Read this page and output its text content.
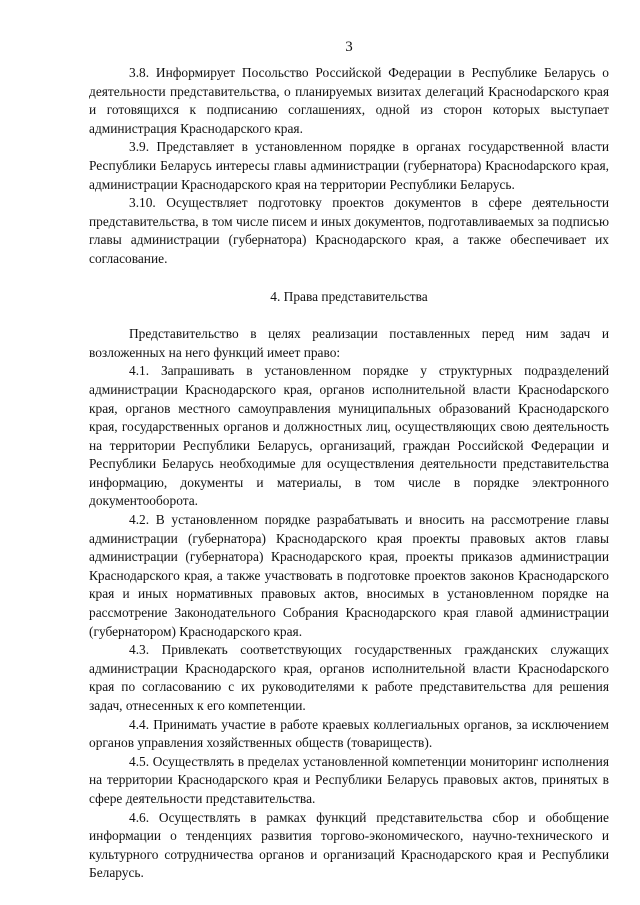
3

3.8. Информирует Посольство Российской Федерации в Республике Беларусь о деятельности представительства, о планируемых визитах делегаций Красноdарского края и готовящихся к подписанию соглашениях, одной из сторон которых выступает администрация Краснодарского края.

3.9. Представляет в установленном порядке в органах государственной власти Республики Беларусь интересы главы администрации (губернатора) Красноdарского края, администрации Краснодарского края на территории Республики Беларусь.

3.10. Осуществляет подготовку проектов документов в сфере деятельности представительства, в том числе писем и иных документов, подготавливаемых за подписью главы администрации (губернатора) Краснодарского края, а также обеспечивает их согласование.

4. Права представительства

Представительство в целях реализации поставленных перед ним задач и возложенных на него функций имеет право:

4.1. Запрашивать в установленном порядке у структурных подразделений администрации Краснодарского края, органов исполнительной власти Красноdарского края, органов местного самоуправления муниципальных образований Краснодарского края, государственных органов и должностных лиц, осуществляющих свою деятельность на территории Республики Беларусь, организаций, граждан Российской Федерации и Республики Беларусь необходимые для осуществления деятельности представительства информацию, документы и материалы, в том числе в порядке электронного документооборота.

4.2. В установленном порядке разрабатывать и вносить на рассмотрение главы администрации (губернатора) Краснодарского края проекты правовых актов главы администрации (губернатора) Краснодарского края, проекты приказов администрации Краснодарского края, а также участвовать в подготовке проектов законов Краснодарского края и иных нормативных правовых актов, вносимых в установленном порядке на рассмотрение Законодательного Собрания Краснодарского края главой администрации (губернатором) Краснодарского края.

4.3. Привлекать соответствующих государственных гражданских служащих администрации Краснодарского края, органов исполнительной власти Красноdарского края по согласованию с их руководителями к работе представительства для решения задач, отнесенных к его компетенции.

4.4. Принимать участие в работе краевых коллегиальных органов, за исключением органов управления хозяйственных обществ (товариществ).

4.5. Осуществлять в пределах установленной компетенции мониторинг исполнения на территории Краснодарского края и Республики Беларусь правовых актов, принятых в сфере деятельности представительства.

4.6. Осуществлять в рамках функций представительства сбор и обобщение информации о тенденциях развития торгово-экономического, научно-технического и культурного сотрудничества органов и организаций Краснодарского края и Республики Беларусь.
